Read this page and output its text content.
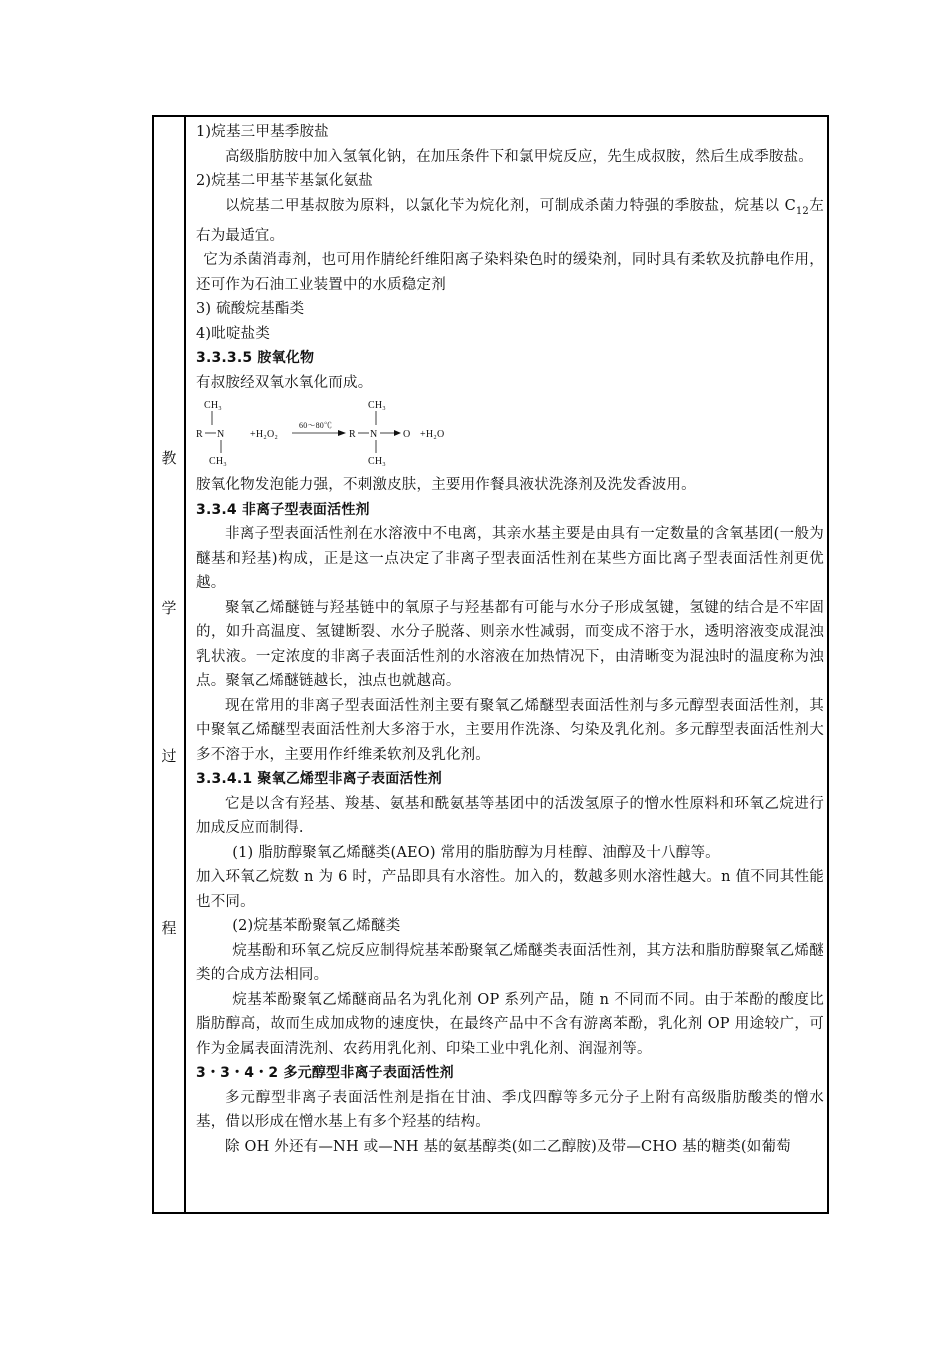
教
学
过
程

1)烷基三甲基季胺盐

高级脂肪胺中加入氢氧化钠，在加压条件下和氯甲烷反应，先生成叔胺，然后生成季胺盐。

2)烷基二甲基苄基氯化氨盐

以烷基二甲基叔胺为原料，以氯化苄为烷化剂，可制成杀菌力特强的季胺盐，烷基以 $C_{12}$左右为最适宜。

它为杀菌消毒剂，也可用作腈纶纤维阳离子染料染色时的缓染剂，同时具有柔软及抗静电作用，还可作为石油工业装置中的水质稳定剂

3) 硫酸烷基酯类

4)吡啶盐类

3.3.3.5 胺氧化物

有叔胺经双氧水氧化而成。

CH₃
R N
CH₃
+H₂O₂
60～80℃
CH₃
R N	O
CH₃
+H₂O

胺氧化物发泡能力强，不刺激皮肤，主要用作餐具液状洗涤剂及洗发香波用。

3.3.4 非离子型表面活性剂

非离子型表面活性剂在水溶液中不电离，其亲水基主要是由具有一定数量的含氧基团(一般为醚基和羟基)构成，正是这一点决定了非离子型表面活性剂在某些方面比离子型表面活性剂更优越。

聚氧乙烯醚链与羟基链中的氧原子与羟基都有可能与水分子形成氢键，氢键的结合是不牢固的，如升高温度、氢键断裂、水分子脱落、则亲水性减弱，而变成不溶于水，透明溶液变成混浊乳状液。一定浓度的非离子表面活性剂的水溶液在加热情况下，由清晰变为混浊时的温度称为浊点。聚氧乙烯醚链越长，浊点也就越高。

现在常用的非离子型表面活性剂主要有聚氧乙烯醚型表面活性剂与多元醇型表面活性剂，其中聚氧乙烯醚型表面活性剂大多溶于水，主要用作洗涤、匀染及乳化剂。多元醇型表面活性剂大多不溶于水，主要用作纤维柔软剂及乳化剂。

3.3.4.1 聚氧乙烯型非离子表面活性剂

它是以含有羟基、羧基、氨基和酰氨基等基团中的活泼氢原子的憎水性原料和环氧乙烷进行加成反应而制得.

(1) 脂肪醇聚氧乙烯醚类(AEO) 常用的脂肪醇为月桂醇、油醇及十八醇等。

加入环氧乙烷数 n 为 6 时，产品即具有水溶性。加入的，数越多则水溶性越大。n 值不同其性能也不同。

(2)烷基苯酚聚氧乙烯醚类

烷基酚和环氧乙烷反应制得烷基苯酚聚氧乙烯醚类表面活性剂，其方法和脂肪醇聚氧乙烯醚类的合成方法相同。

烷基苯酚聚氧乙烯醚商品名为乳化剂 OP 系列产品，随 n 不同而不同。由于苯酚的酸度比脂肪醇高，故而生成加成物的速度快，在最终产品中不含有游离苯酚，乳化剂 OP 用途较广，可作为金属表面清洗剂、农药用乳化剂、印染工业中乳化剂、润湿剂等。

3・3・4・2 多元醇型非离子表面活性剂

多元醇型非离子表面活性剂是指在甘油、季戊四醇等多元分子上附有高级脂肪酸类的憎水基，借以形成在憎水基上有多个羟基的结构。

除 OH 外还有—NH 或—NH 基的氨基醇类(如二乙醇胺)及带—CHO 基的糖类(如葡萄
